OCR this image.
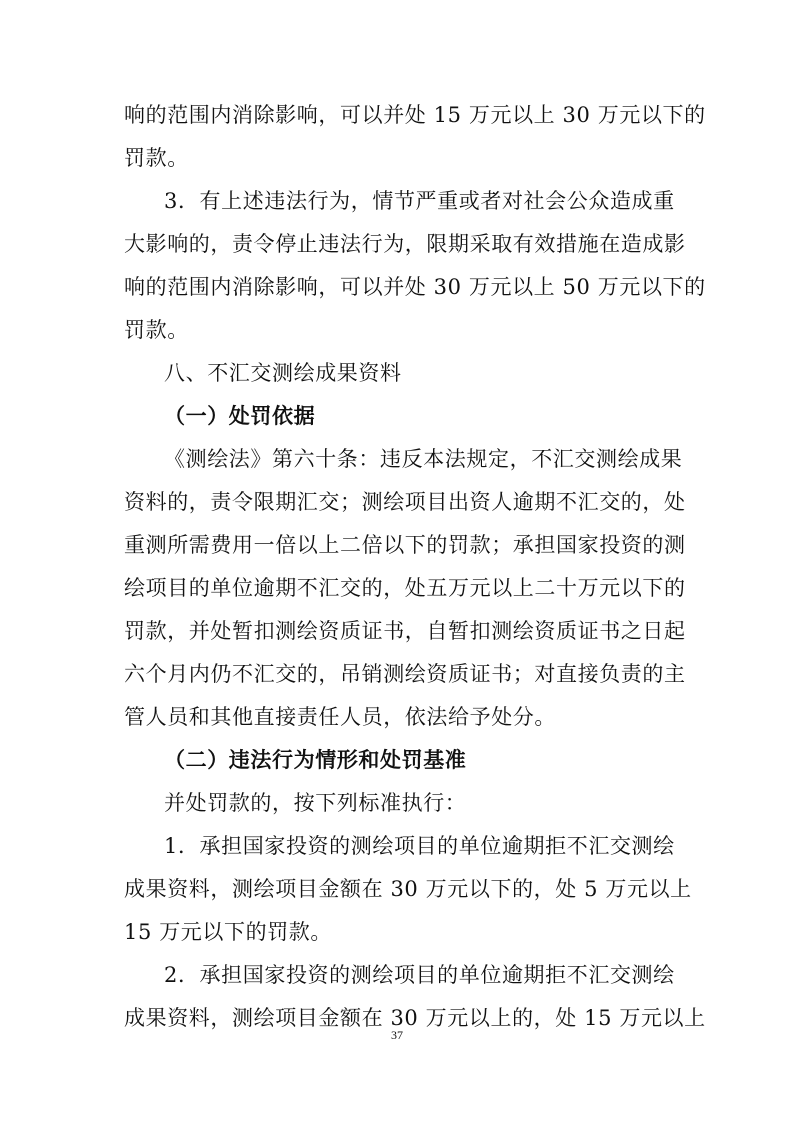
响的范围内消除影响，可以并处 15 万元以上 30 万元以下的
罚款。
3．有上述违法行为，情节严重或者对社会公众造成重
大影响的，责令停止违法行为，限期采取有效措施在造成影
响的范围内消除影响，可以并处 30 万元以上 50 万元以下的
罚款。
八、不汇交测绘成果资料
（一）处罚依据
《测绘法》第六十条：违反本法规定，不汇交测绘成果
资料的，责令限期汇交；测绘项目出资人逾期不汇交的，处
重测所需费用一倍以上二倍以下的罚款；承担国家投资的测
绘项目的单位逾期不汇交的，处五万元以上二十万元以下的
罚款，并处暂扣测绘资质证书，自暂扣测绘资质证书之日起
六个月内仍不汇交的，吊销测绘资质证书；对直接负责的主
管人员和其他直接责任人员，依法给予处分。
（二）违法行为情形和处罚基准
并处罚款的，按下列标准执行：
1．承担国家投资的测绘项目的单位逾期拒不汇交测绘
成果资料，测绘项目金额在 30 万元以下的，处 5 万元以上
15 万元以下的罚款。
2．承担国家投资的测绘项目的单位逾期拒不汇交测绘
成果资料，测绘项目金额在 30 万元以上的，处 15 万元以上
37
